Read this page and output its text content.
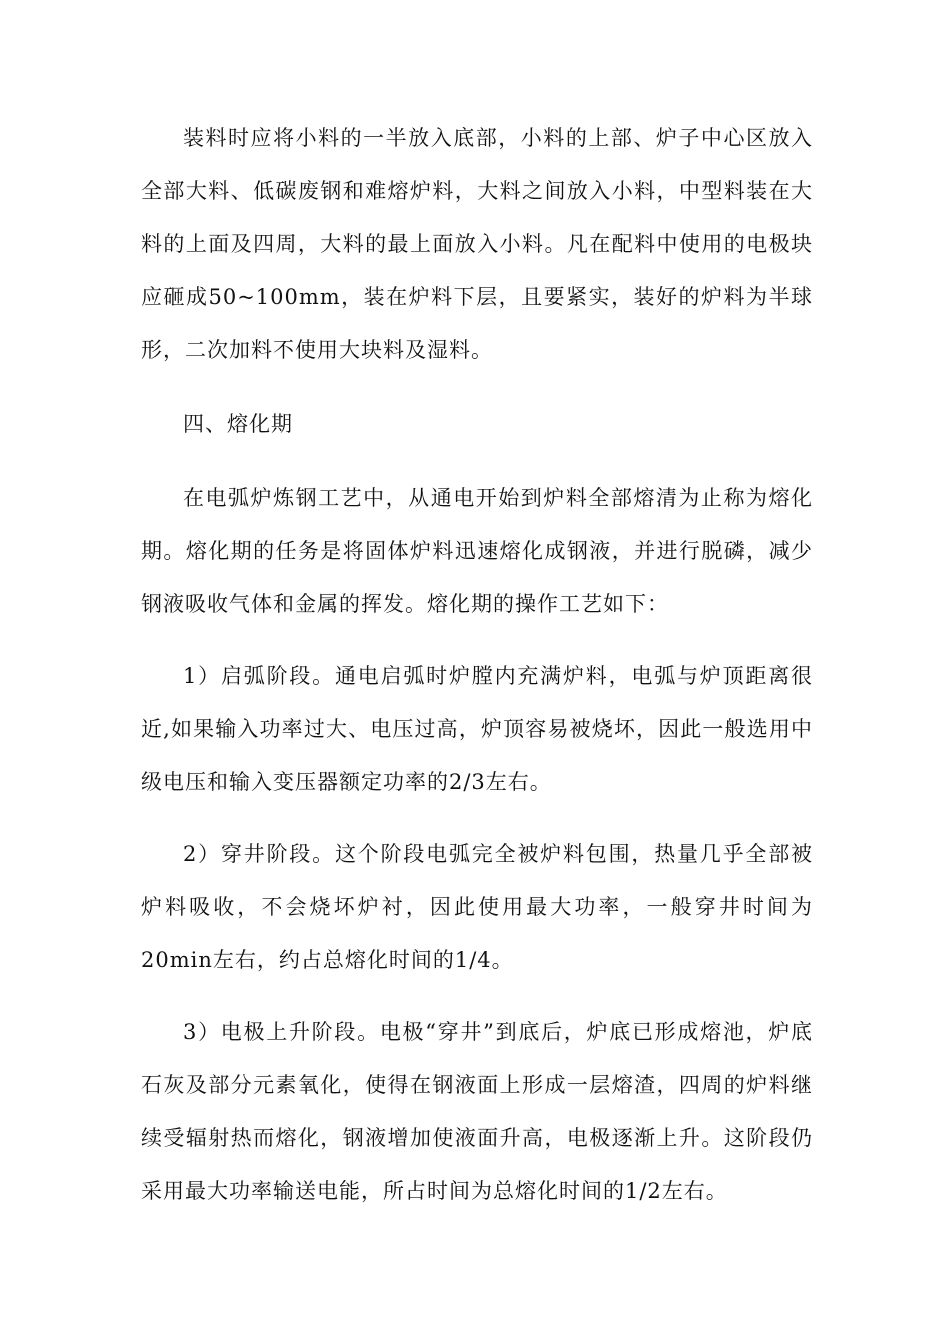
装料时应将小料的一半放入底部，小料的上部、炉子中心区放入全部大料、低碳废钢和难熔炉料，大料之间放入小料，中型料装在大料的上面及四周，大料的最上面放入小料。凡在配料中使用的电极块应砸成50~100mm，装在炉料下层，且要紧实，装好的炉料为半球形，二次加料不使用大块料及湿料。

四、熔化期

在电弧炉炼钢工艺中，从通电开始到炉料全部熔清为止称为熔化期。熔化期的任务是将固体炉料迅速熔化成钢液，并进行脱磷，减少钢液吸收气体和金属的挥发。熔化期的操作工艺如下：

1）启弧阶段。通电启弧时炉膛内充满炉料，电弧与炉顶距离很近,如果输入功率过大、电压过高，炉顶容易被烧坏，因此一般选用中级电压和输入变压器额定功率的2/3左右。

2）穿井阶段。这个阶段电弧完全被炉料包围，热量几乎全部被炉料吸收，不会烧坏炉衬，因此使用最大功率，一般穿井时间为20min左右，约占总熔化时间的1/4。

3）电极上升阶段。电极“穿井”到底后，炉底已形成熔池，炉底石灰及部分元素氧化，使得在钢液面上形成一层熔渣，四周的炉料继续受辐射热而熔化，钢液增加使液面升高，电极逐渐上升。这阶段仍采用最大功率输送电能，所占时间为总熔化时间的1/2左右。
